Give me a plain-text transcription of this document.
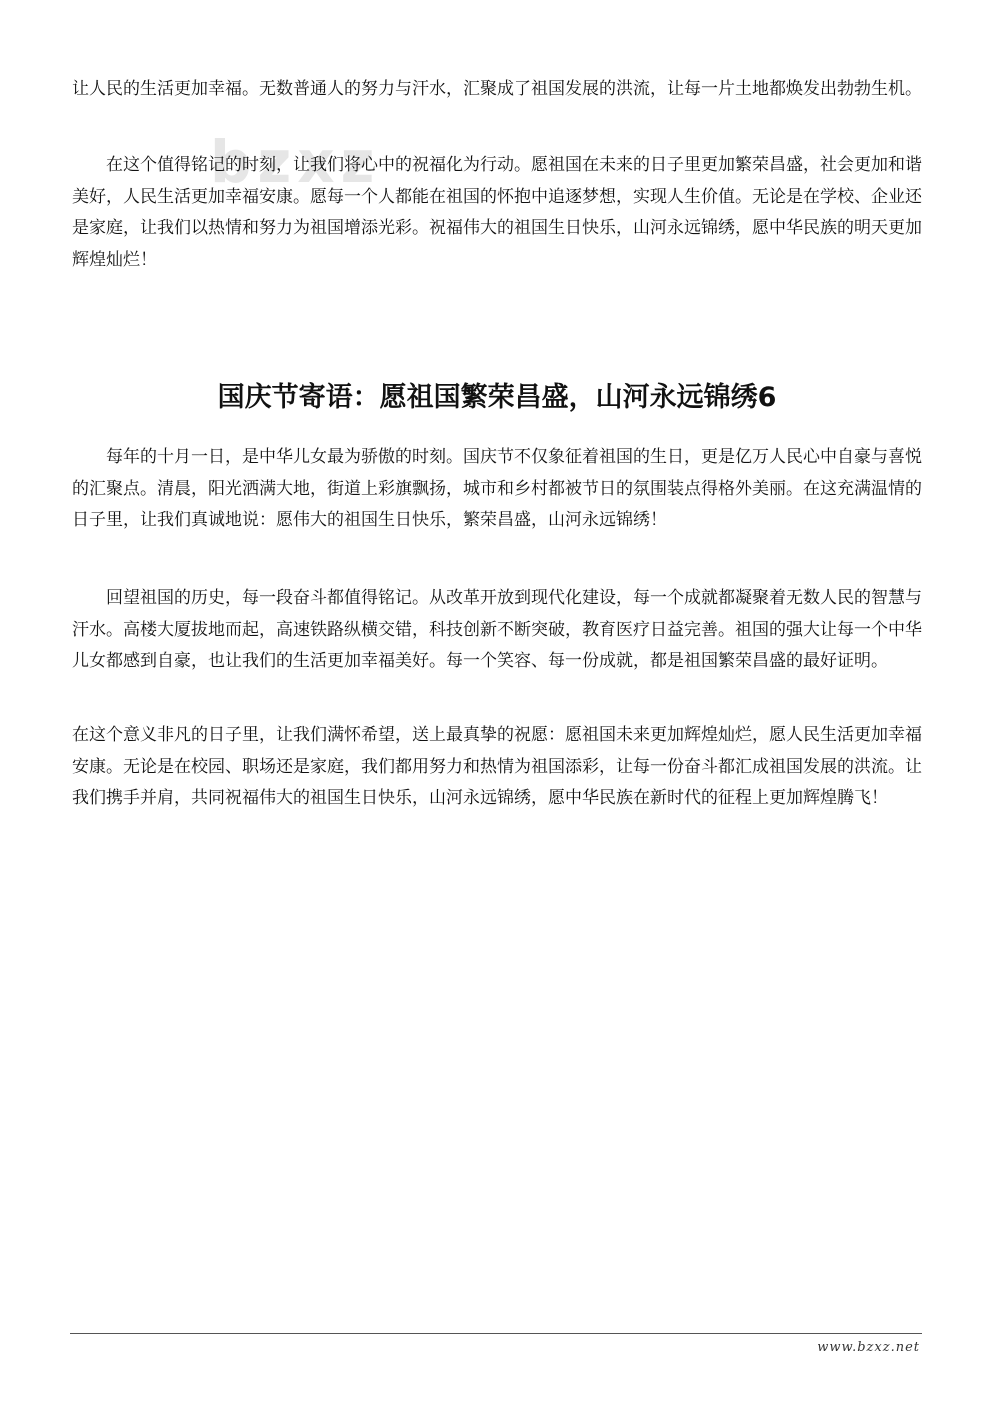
bzxz

让人民的生活更加幸福。无数普通人的努力与汗水，汇聚成了祖国发展的洪流，让每一片土地都焕发出勃勃生机。

在这个值得铭记的时刻，让我们将心中的祝福化为行动。愿祖国在未来的日子里更加繁荣昌盛，社会更加和谐美好，人民生活更加幸福安康。愿每一个人都能在祖国的怀抱中追逐梦想，实现人生价值。无论是在学校、企业还是家庭，让我们以热情和努力为祖国增添光彩。祝福伟大的祖国生日快乐，山河永远锦绣，愿中华民族的明天更加辉煌灿烂！

国庆节寄语：愿祖国繁荣昌盛，山河永远锦绣6

每年的十月一日，是中华儿女最为骄傲的时刻。国庆节不仅象征着祖国的生日，更是亿万人民心中自豪与喜悦的汇聚点。清晨，阳光洒满大地，街道上彩旗飘扬，城市和乡村都被节日的氛围装点得格外美丽。在这充满温情的日子里，让我们真诚地说：愿伟大的祖国生日快乐，繁荣昌盛，山河永远锦绣！

回望祖国的历史，每一段奋斗都值得铭记。从改革开放到现代化建设，每一个成就都凝聚着无数人民的智慧与汗水。高楼大厦拔地而起，高速铁路纵横交错，科技创新不断突破，教育医疗日益完善。祖国的强大让每一个中华儿女都感到自豪，也让我们的生活更加幸福美好。每一个笑容、每一份成就，都是祖国繁荣昌盛的最好证明。

在这个意义非凡的日子里，让我们满怀希望，送上最真挚的祝愿：愿祖国未来更加辉煌灿烂，愿人民生活更加幸福安康。无论是在校园、职场还是家庭，我们都用努力和热情为祖国添彩，让每一份奋斗都汇成祖国发展的洪流。让我们携手并肩，共同祝福伟大的祖国生日快乐，山河永远锦绣，愿中华民族在新时代的征程上更加辉煌腾飞！

www.bzxz.net
